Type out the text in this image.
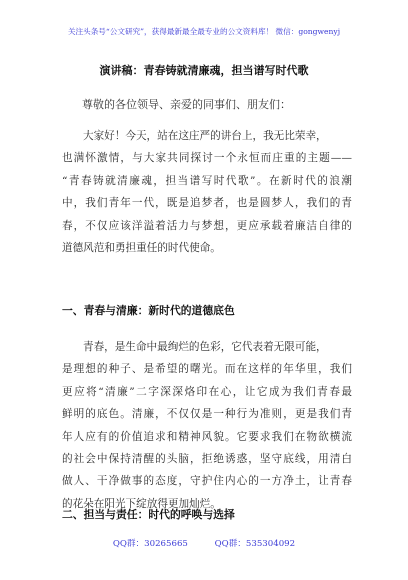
关注头条号“公文研究”，获得最新最全最专业的公文资料库！ 微信：gongwenyj
演讲稿：青春铸就清廉魂，担当谱写时代歌
尊敬的各位领导、亲爱的同事们、朋友们：
大家好！今天，站在这庄严的讲台上，我无比荣幸，
也满怀激情，与大家共同探讨一个永恒而庄重的主题——
“青春铸就清廉魂，担当谱写时代歌”。在新时代的浪潮
中，我们青年一代，既是追梦者，也是圆梦人，我们的青
春，不仅应该洋溢着活力与梦想，更应承载着廉洁自律的
道德风范和勇担重任的时代使命。
一、青春与清廉：新时代的道德底色
青春，是生命中最绚烂的色彩，它代表着无限可能，
是理想的种子、是希望的曙光。而在这样的年华里，我们
更应将“清廉”二字深深烙印在心，让它成为我们青春最
鲜明的底色。清廉，不仅仅是一种行为准则，更是我们青
年人应有的价值追求和精神风貌。它要求我们在物欲横流
的社会中保持清醒的头脑，拒绝诱惑，坚守底线，用清白
做人、干净做事的态度，守护住内心的一方净土，让青春
的花朵在阳光下绽放得更加灿烂。
二、担当与责任：时代的呼唤与选择
QQ群：30265665	QQ群：535304092
